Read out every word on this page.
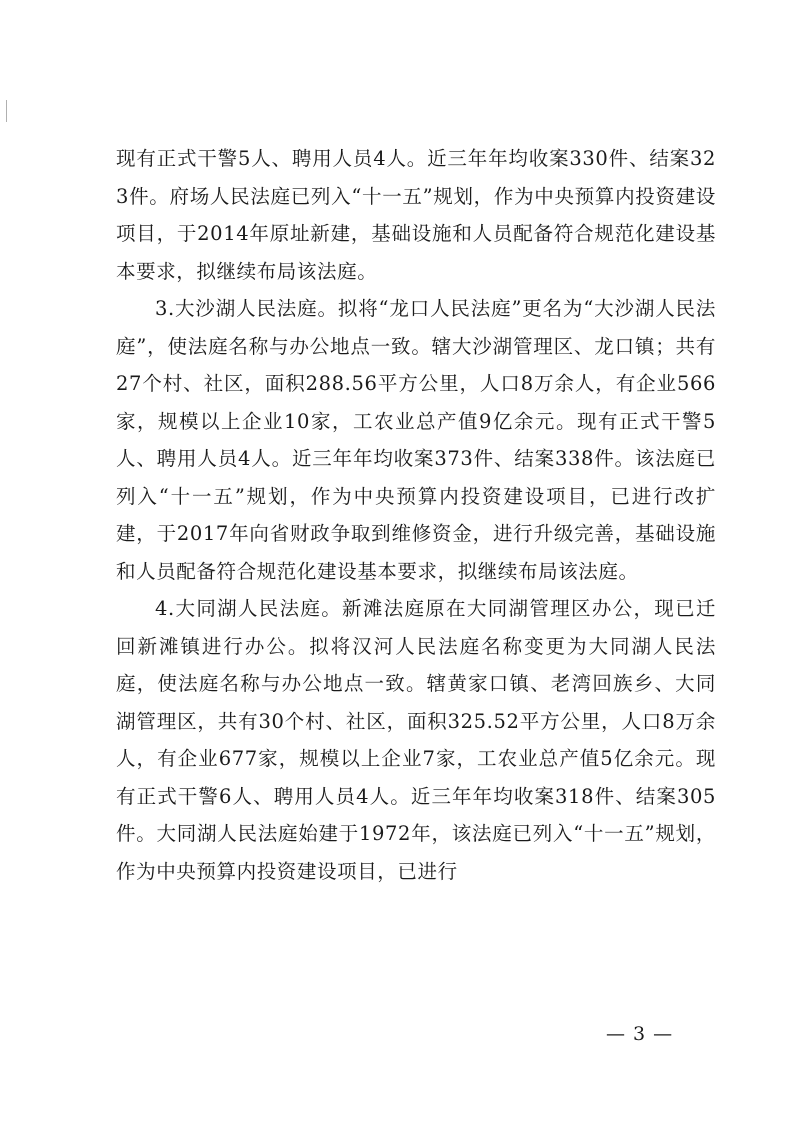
现有正式干警5人、聘用人员4人。近三年年均收案330件、结案323件。府场人民法庭已列入“十一五”规划，作为中央预算内投资建设项目，于2014年原址新建，基础设施和人员配备符合规范化建设基本要求，拟继续布局该法庭。

3.大沙湖人民法庭。拟将“龙口人民法庭”更名为“大沙湖人民法庭”，使法庭名称与办公地点一致。辖大沙湖管理区、龙口镇；共有27个村、社区，面积288.56平方公里，人口8万余人，有企业566家，规模以上企业10家，工农业总产值9亿余元。现有正式干警5人、聘用人员4人。近三年年均收案373件、结案338件。该法庭已列入“十一五”规划，作为中央预算内投资建设项目，已进行改扩建，于2017年向省财政争取到维修资金，进行升级完善，基础设施和人员配备符合规范化建设基本要求，拟继续布局该法庭。

4.大同湖人民法庭。新滩法庭原在大同湖管理区办公，现已迁回新滩镇进行办公。拟将汉河人民法庭名称变更为大同湖人民法庭，使法庭名称与办公地点一致。辖黄家口镇、老湾回族乡、大同湖管理区，共有30个村、社区，面积325.52平方公里，人口8万余人，有企业677家，规模以上企业7家，工农业总产值5亿余元。现有正式干警6人、聘用人员4人。近三年年均收案318件、结案305件。大同湖人民法庭始建于1972年，该法庭已列入“十一五”规划，作为中央预算内投资建设项目，已进行

— 3 —
